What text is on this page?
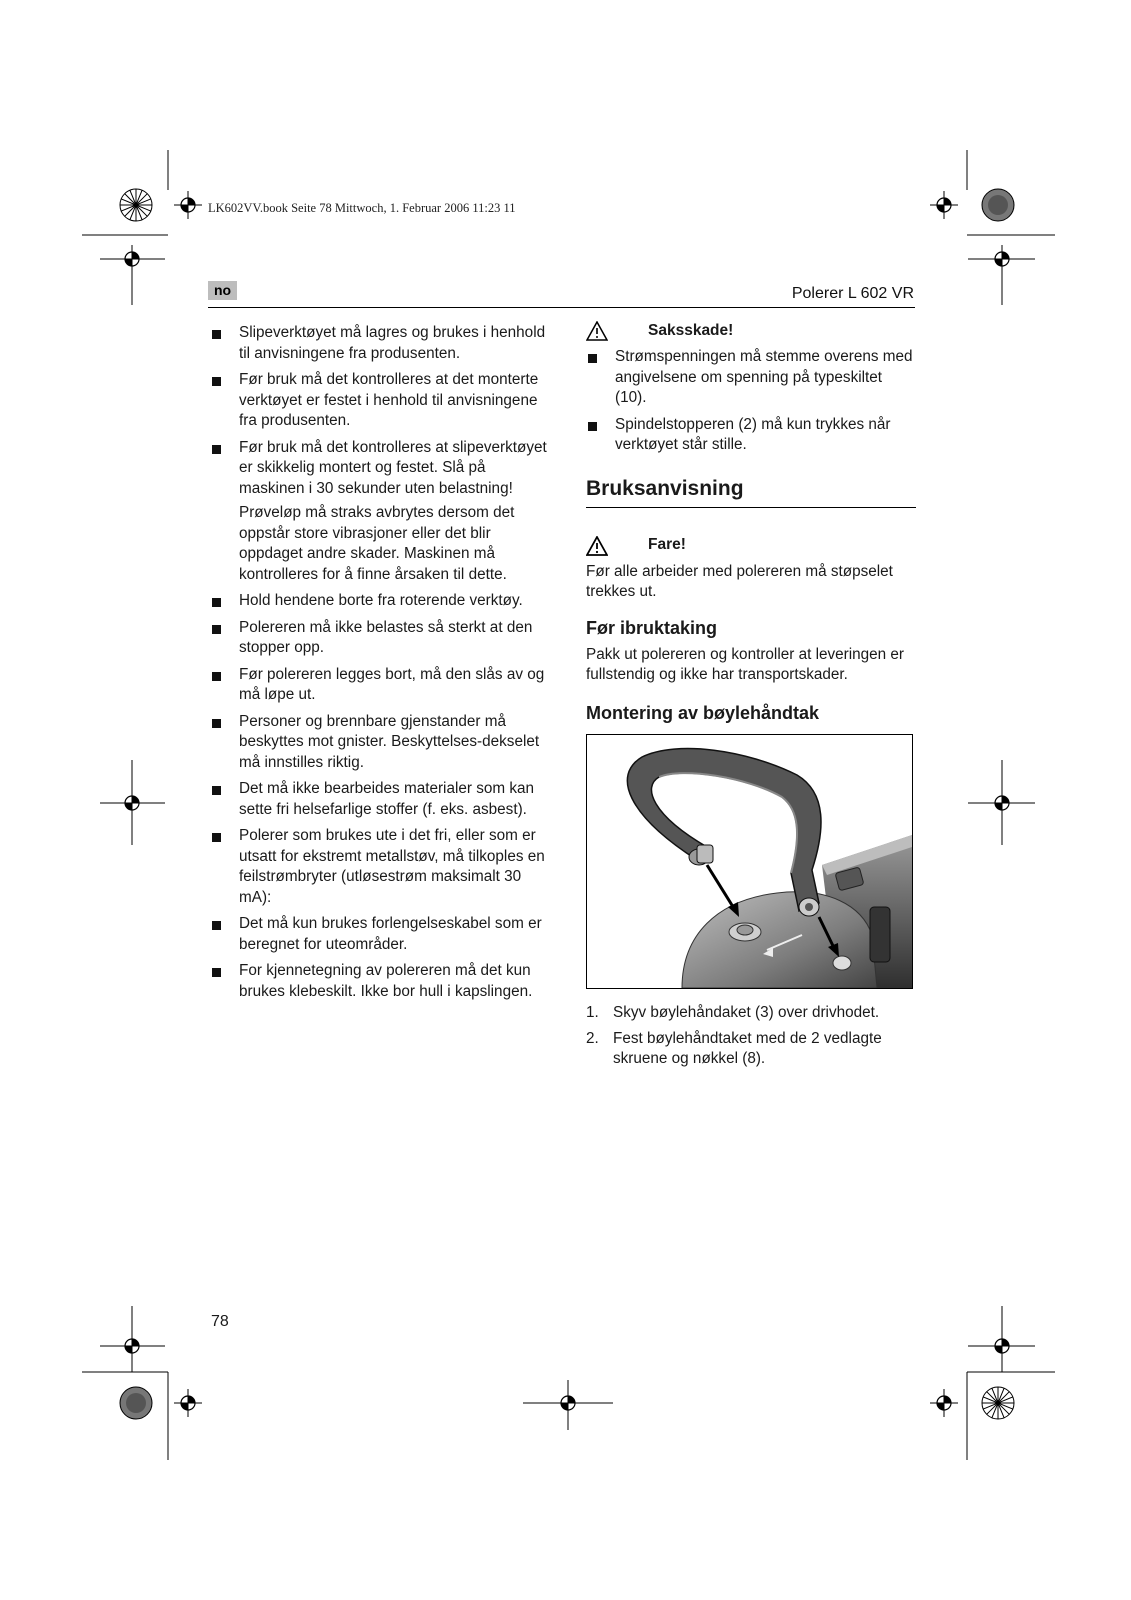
LK602VV.book Seite 78 Mittwoch, 1. Februar 2006 11:23 11
no	Polerer L 602 VR
Slipeverktøyet må lagres og brukes i henhold til anvisningene fra produsenten.
Før bruk må det kontrolleres at det monterte verktøyet er festet i henhold til anvisningene fra produsenten.
Før bruk må det kontrolleres at slipeverktøyet er skikkelig montert og festet. Slå på maskinen i 30 sekunder uten belastning!

Prøveløp må straks avbrytes dersom det oppstår store vibrasjoner eller det blir oppdaget andre skader. Maskinen må kontrolleres for å finne årsaken til dette.

Hold hendene borte fra roterende verktøy.
Polereren må ikke belastes så sterkt at den stopper opp.
Før polereren legges bort, må den slås av og må løpe ut.
Personer og brennbare gjenstander må beskyttes mot gnister. Beskyttelses-dekselet må innstilles riktig.
Det må ikke bearbeides materialer som kan sette fri helsefarlige stoffer (f. eks. asbest).
Polerer som brukes ute i det fri, eller som er utsatt for ekstremt metallstøv, må tilkoples en feilstrømbryter (utløsestrøm maksimalt 30 mA):
Det må kun brukes forlengelseskabel som er beregnet for uteområder.
For kjennetegning av polereren må det kun brukes klebeskilt. Ikke bor hull i kapslingen.
Saksskade!
Strømspenningen må stemme overens med angivelsene om spenning på typeskiltet (10).
Spindelstopperen (2) må kun trykkes når verktøyet står stille.
Bruksanvisning
Fare!

Før alle arbeider med polereren må støpselet trekkes ut.

Før ibruktaking

Pakk ut polereren og kontroller at leveringen er fullstendig og ikke har transportskader.

Montering av bøylehåndtak
1. Skyv bøylehåndaket (3) over drivhodet.
2. Fest bøylehåndtaket med de 2 vedlagte skruene og nøkkel (8).
78
